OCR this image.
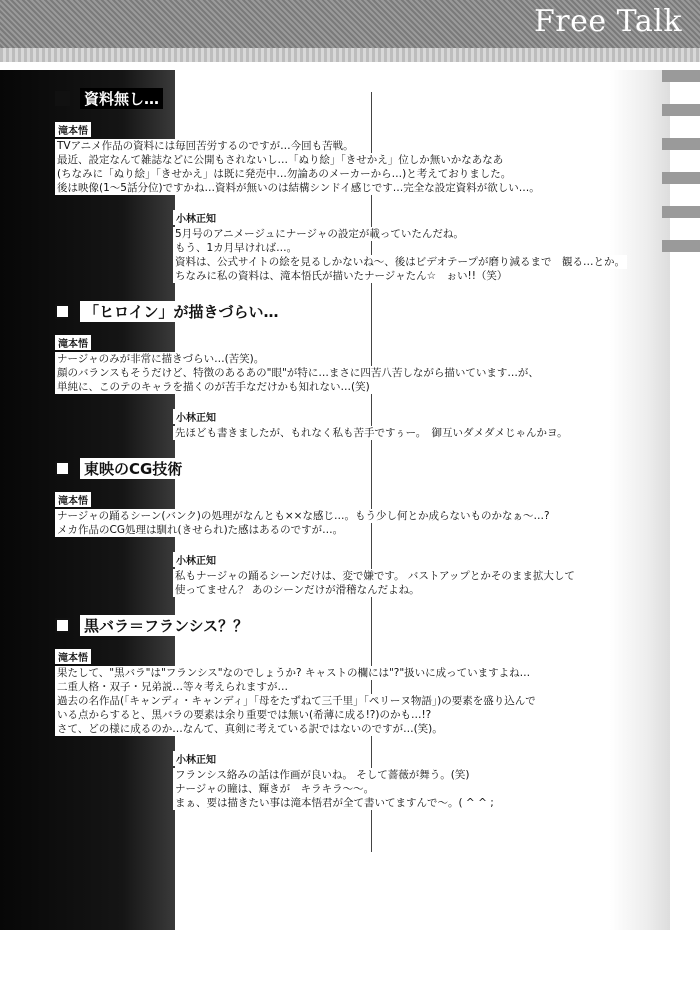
Free Talk
資料無し…
滝本悟
TVアニメ作品の資料には毎回苦労するのですが…今回も苦戦。
最近、設定なんて雑誌などに公開もされないし…「ぬり絵」「きせかえ」位しか無いかなあなあ
(ちなみに「ぬり絵」「きせかえ」は既に発売中…勿論あのメーカーから…)と考えておりました。
後は映像(1〜5話分位)ですかね…資料が無いのは結構シンドイ感じです…完全な設定資料が欲しい…。
小林正知
5月号のアニメージュにナージャの設定が載っていたんだね。
もう、1カ月早ければ…。
資料は、公式サイトの絵を見るしかないね〜、後はビデオテープが磨り減るまで　観る…とか。
ちなみに私の資料は、滝本悟氏が描いたナージャたん☆　ぉい!!（笑）
「ヒロイン」が描きづらい…
滝本悟
ナージャのみが非常に描きづらい…(苦笑)。
顔のバランスもそうだけど、特徴のあるあの"眼"が特に…まさに四苦八苦しながら描いています…が、
単純に、このテのキャラを描くのが苦手なだけかも知れない…(笑)
小林正知
先ほども書きましたが、もれなく私も苦手ですぅー。　御互いダメダメじゃんかヨ。
東映のCG技術
滝本悟
ナージャの踊るシーン(バンク)の処理がなんとも××な感じ…。もう少し何とか成らないものかなぁ〜…?
メカ作品のCG処理は馴れ(きせられ)た感はあるのですが…。
小林正知
私もナージャの踊るシーンだけは、変で嫌です。 バストアップとかそのまま拡大して
使ってません？ あのシーンだけが滑稽なんだよね。
黒バラ＝フランシス？？
滝本悟
果たして、"黒バラ"は"フランシス"なのでしょうか? キャストの欄には"?"扱いに成っていますよね…
二重人格・双子・兄弟説…等々考えられますが…
過去の名作品(「キャンディ・キャンディ」「母をたずねて三千里」「ペリーヌ物語」)の要素を盛り込んで
いる点からすると、黒バラの要素は余り重要では無い(希薄に成る!?)のかも…!?
さて、どの様に成るのか…なんて、真剣に考えている訳ではないのですが…(笑)。
小林正知
フランシス絡みの話は作画が良いね。 そして薔薇が舞う。(笑)
ナージャの瞳は、輝きが　キラキラ〜〜。
まぁ、要は描きたい事は滝本悟君が全て書いてますんで〜。( ^ ^ ;
